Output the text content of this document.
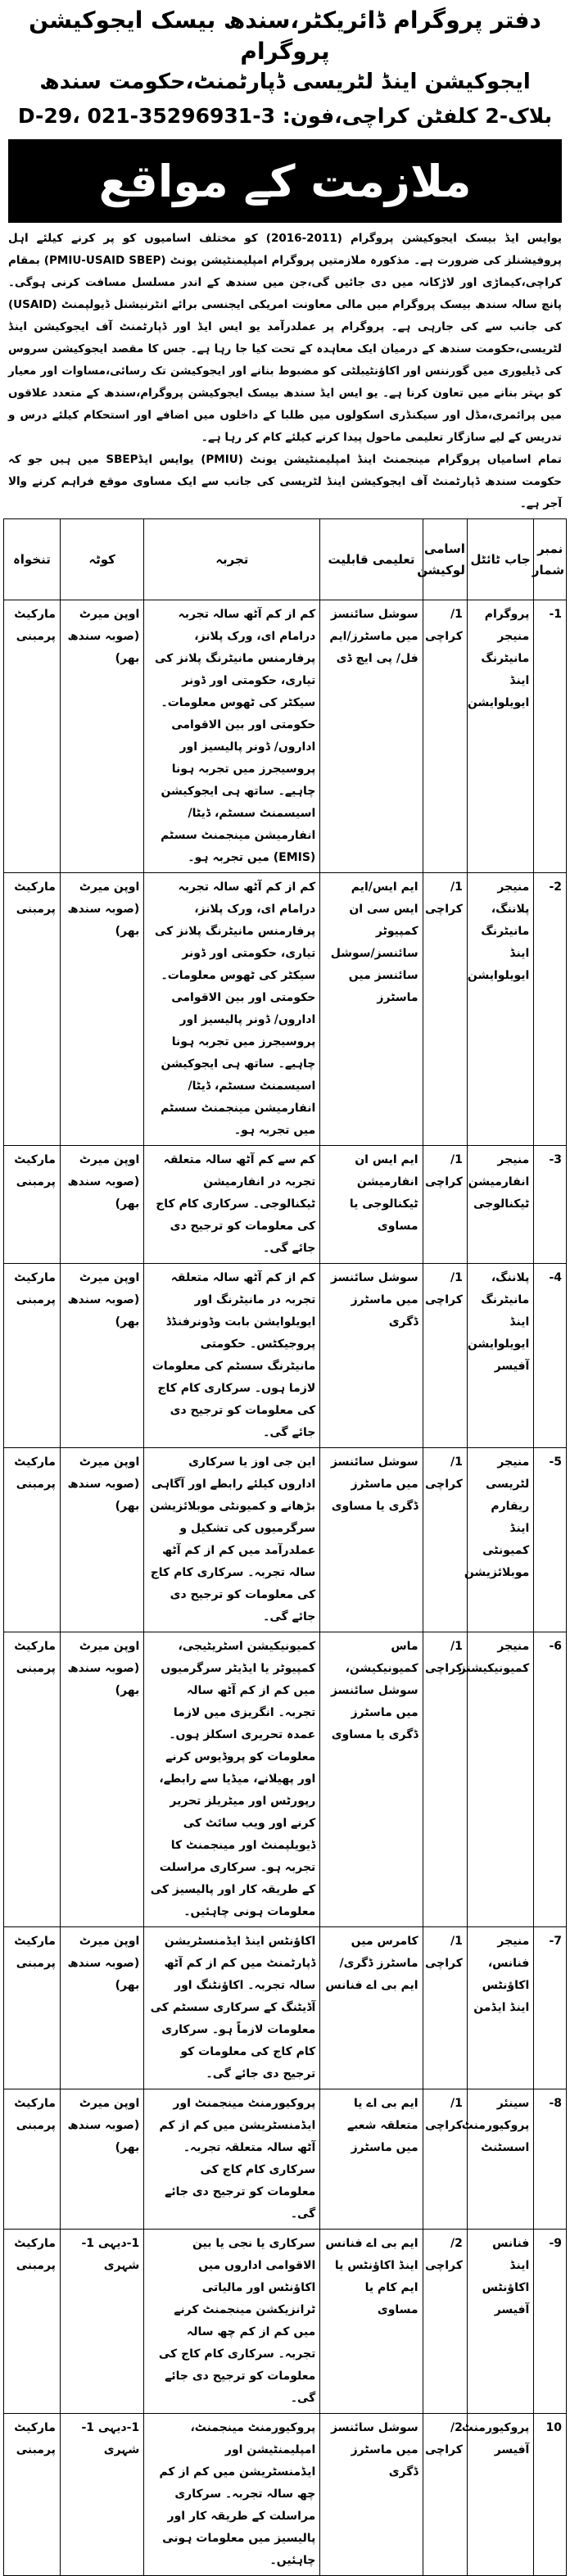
دفتر پروگرام ڈائریکٹر،سندھ بیسک ایجوکیشن پروگرام
ایجوکیشن اینڈ لٹریسی ڈپارٹمنٹ،حکومت سندھ
D-29، بلاک-2 کلفٹن کراچی،فون: 3-35296931-021
ملازمت کے مواقع

یوایس ایڈ بیسک ایجوکیشن پروگرام (2011-2016) کو مختلف اسامیوں کو پر کرنے کیلئے اہل پروفیشنلز کی ضرورت ہے۔ مذکورہ ملازمتیں پروگرام امپلیمنٹیشن یونٹ (PMIU-USAID SBEP) بمقام کراچی،کیماڑی اور لاڑکانہ میں دی جائیں گی،جن میں سندھ کے اندر مسلسل مسافت کرنی ہوگی۔ پانچ سالہ سندھ بیسک پروگرام میں مالی معاونت امریکی ایجنسی برائے انٹرنیشنل ڈیولپمنٹ (USAID) کی جانب سے کی جارہی ہے۔ پروگرام پر عملدرآمد یو ایس ایڈ اور ڈپارٹمنٹ آف ایجوکیشن اینڈ لٹریسی،حکومت سندھ کے درمیان ایک معاہدہ کے تحت کیا جا رہا ہے۔ جس کا مقصد ایجوکیشن سروس کی ڈیلیوری میں گورننس اور اکاؤنٹیبلٹی کو مضبوط بنانے اور ایجوکیشن تک رسائی،مساوات اور معیار کو بہتر بنانے میں تعاون کرنا ہے۔ یو ایس ایڈ سندھ بیسک ایجوکیشن پروگرام،سندھ کے متعدد علاقوں میں پرائمری،مڈل اور سیکنڈری اسکولوں میں طلبا کے داخلوں میں اضافے اور استحکام کیلئے درس و تدریس کے لیے سازگار تعلیمی ماحول پیدا کرنے کیلئے کام کر رہا ہے۔

تمام اسامیاں پروگرام مینجمنٹ اینڈ امپلیمنٹیشن یونٹ (PMIU) یوایس ایڈSBEP میں ہیں جو کہ حکومت سندھ ڈپارٹمنٹ آف ایجوکیشن اینڈ لٹریسی کی جانب سے ایک مساوی موقع فراہم کرنے والا آجر ہے۔

نمبر شمار	جاب ٹائٹل	اسامی لوکیشن	تعلیمی قابلیت	تجربہ	کوٹہ	تنخواہ
-1	پروگرام منیجر مانیٹرنگ اینڈ ایویلوایشن	1/کراچی	سوشل سائنسز میں ماسٹرز/ایم فل/ پی ایچ ڈی	کم از کم آٹھ سالہ تجربہ درامام ای، ورک پلانز، پرفارمنس مانیٹرنگ پلانز کی تیاری، حکومتی اور ڈونر سیکٹر کی ٹھوس معلومات۔ حکومتی اور بین الاقوامی اداروں/ ڈونر پالیسیز اور پروسیجرز میں تجربہ ہونا چاہیے۔ ساتھ ہی ایجوکیشن اسیسمنٹ سسٹم، ڈیٹا/انفارمیشن مینجمنٹ سسٹم (EMIS) میں تجربہ ہو۔	اوپن میرٹ (صوبہ سندھ بھر)	مارکیٹ پرمبنی
-2	منیجر پلاننگ، مانیٹرنگ اینڈ ایویلوایشن	1/کراچی	ایم ایس/ایم ایس سی ان کمپیوٹر سائنسز/سوشل سائنسز میں ماسٹرز	کم از کم آٹھ سالہ تجربہ درامام ای، ورک پلانز، پرفارمنس مانیٹرنگ پلانز کی تیاری، حکومتی اور ڈونر سیکٹر کی ٹھوس معلومات۔ حکومتی اور بین الاقوامی اداروں/ ڈونر پالیسیز اور پروسیجرز میں تجربہ ہونا چاہیے۔ ساتھ ہی ایجوکیشن اسیسمنٹ سسٹم، ڈیٹا/انفارمیشن مینجمنٹ سسٹم میں تجربہ ہو۔	اوپن میرٹ (صوبہ سندھ بھر)	مارکیٹ پرمبنی
-3	منیجر انفارمیشن ٹیکنالوجی	1/کراچی	ایم ایس ان انفارمیشن ٹیکنالوجی یا مساوی	کم سے کم آٹھ سالہ متعلقہ تجربہ در انفارمیشن ٹیکنالوجی۔ سرکاری کام کاج کی معلومات کو ترجیح دی جائے گی۔	اوپن میرٹ (صوبہ سندھ بھر)	مارکیٹ پرمبنی
-4	پلاننگ، مانیٹرنگ اینڈ ایویلوایشن آفیسر	1/کراچی	سوشل سائنسز میں ماسٹرز ڈگری	کم از کم آٹھ سالہ متعلقہ تجربہ در مانیٹرنگ اور ایویلوایشن بابت وڈونرفنڈڈ پروجیکٹس۔ حکومتی مانیٹرنگ سسٹم کی معلومات لازما ہوں۔ سرکاری کام کاج کی معلومات کو ترجیح دی جائے گی۔	اوپن میرٹ (صوبہ سندھ بھر)	مارکیٹ پرمبنی
-5	منیجر لٹریسی ریفارم اینڈ کمیونٹی موبلائزیشن	1/کراچی	سوشل سائنسز میں ماسٹرز ڈگری یا مساوی	این جی اوز یا سرکاری اداروں کیلئے رابطے اور آگاہی بڑھانے و کمیونٹی موبلائزیشن سرگرمیوں کی تشکیل و عملدرآمد میں کم از کم آٹھ سالہ تجربہ۔ سرکاری کام کاج کی معلومات کو ترجیح دی جائے گی۔	اوپن میرٹ (صوبہ سندھ بھر)	مارکیٹ پرمبنی
-6	منیجر کمیونیکیشنز	1/کراچی	ماس کمیونیکیشن، سوشل سائنسز میں ماسٹرز ڈگری یا مساوی	کمیونیکیشن اسٹریٹیجی، کمپیوٹر یا ایڈیٹر سرگرمیوں میں کم از کم آٹھ سالہ تجربہ۔ انگریزی میں لازما عمدہ تحریری اسکلز ہوں۔ معلومات کو پروڈیوس کرنے اور پھیلانے، میڈیا سے رابطے، رپورٹس اور میٹریلز تحریر کرنے اور ویب سائٹ کی ڈیویلپمنٹ اور مینجمنٹ کا تجربہ ہو۔ سرکاری مراسلت کے طریقہ کار اور پالیسیز کی معلومات ہونی چاہئیں۔	اوپن میرٹ (صوبہ سندھ بھر)	مارکیٹ پرمبنی
-7	منیجر فنانس، اکاؤنٹس اینڈ ایڈمن	1/کراچی	کامرس میں ماسٹرز ڈگری/ ایم بی اے فنانس	اکاؤنٹس اینڈ ایڈمنسٹریشن ڈپارٹمنٹ میں کم از کم آٹھ سالہ تجربہ۔ اکاؤنٹنگ اور آڈیٹنگ کے سرکاری سسٹم کی معلومات لازماً ہو۔ سرکاری کام کاج کی معلومات کو ترجیح دی جائے گی۔	اوپن میرٹ (صوبہ سندھ بھر)	مارکیٹ پرمبنی
-8	سینئر پروکیورمنٹ اسسٹنٹ	1/کراچی	ایم بی اے یا متعلقہ شعبے میں ماسٹرز	پروکیورمنٹ مینجمنٹ اور ایڈمنسٹریشن میں کم از کم آٹھ سالہ متعلقہ تجربہ۔ سرکاری کام کاج کی معلومات کو ترجیح دی جائے گی۔	اوپن میرٹ (صوبہ سندھ بھر)	مارکیٹ پرمبنی
-9	فنانس اینڈ اکاؤنٹس آفیسر	2/کراچی	ایم بی اے فنانس اینڈ اکاؤنٹس یا ایم کام یا مساوی	سرکاری یا نجی یا بین الاقوامی اداروں میں اکاؤنٹس اور مالیاتی ٹرانزیکشن مینجمنٹ کرنے میں کم از کم چھ سالہ تجربہ۔ سرکاری کام کاج کی معلومات کو ترجیح دی جائے گی۔	1-دیہی 1- شہری	مارکیٹ پرمبنی
10	پروکیورمنٹ آفیسر	2/کراچی	سوشل سائنسز میں ماسٹرز ڈگری	پروکیورمنٹ مینجمنٹ، امپلیمنٹیشن اور ایڈمنسٹریشن میں کم از کم چھ سالہ تجربہ۔ سرکاری مراسلت کے طریقہ کار اور پالیسیز میں معلومات ہونی چاہئیں۔	1-دیہی 1- شہری	مارکیٹ پرمبنی
